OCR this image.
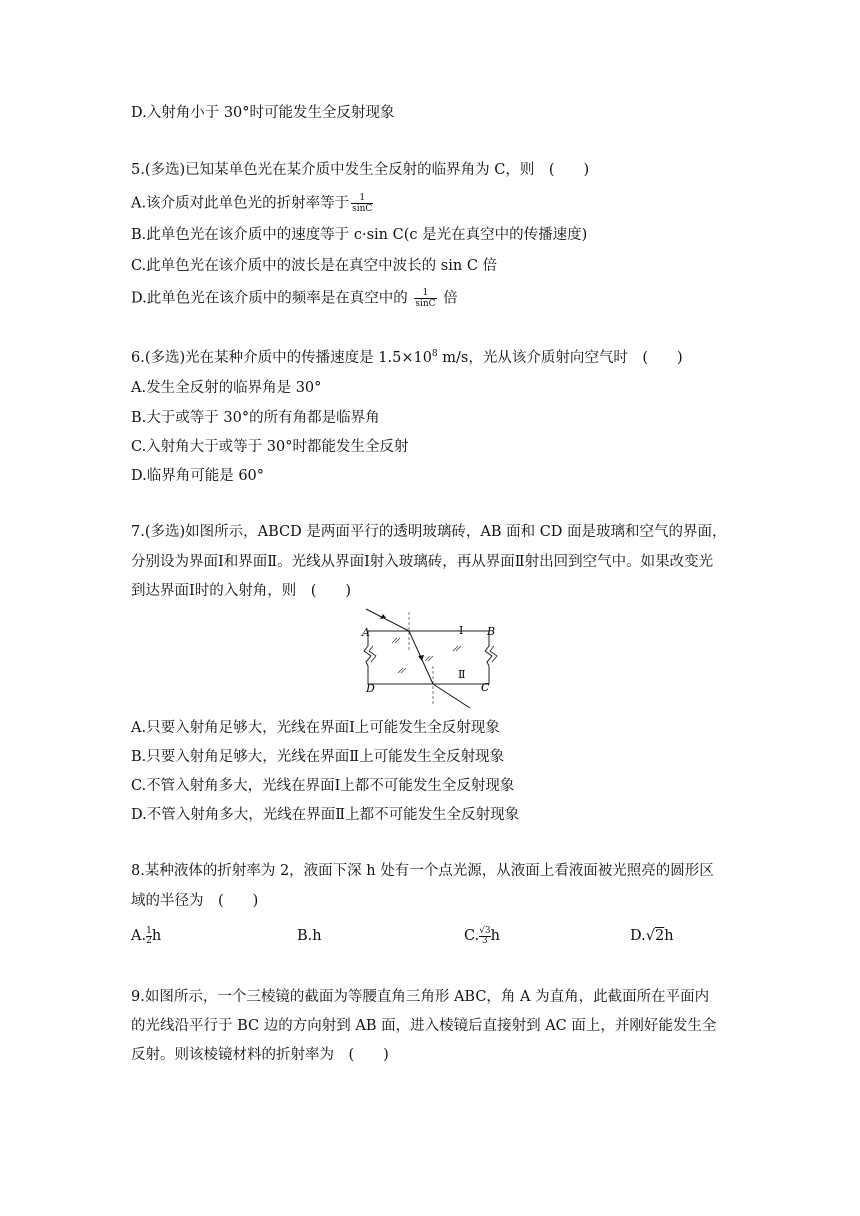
D.入射角小于 30°时可能发生全反射现象
5.(多选)已知某单色光在某介质中发生全反射的临界角为 C，则　(　　)
A.该介质对此单色光的折射率等于 $\frac{1}{\sin C}$
B.此单色光在该介质中的速度等于 c·sin C(c 是光在真空中的传播速度)
C.此单色光在该介质中的波长是在真空中波长的 sin C 倍
D.此单色光在该介质中的频率是在真空中的 $\frac{1}{\sin C}$ 倍
6.(多选)光在某种介质中的传播速度是 $1.5\times 10^8$ m/s，光从该介质射向空气时　(　　)
A.发生全反射的临界角是 30°
B.大于或等于 30°的所有角都是临界角
C.入射角大于或等于 30°时都能发生全反射
D.临界角可能是 60°
7.(多选)如图所示，ABCD 是两面平行的透明玻璃砖，AB 面和 CD 面是玻璃和空气的界面，
分别设为界面Ⅰ和界面Ⅱ。光线从界面Ⅰ射入玻璃砖，再从界面Ⅱ射出回到空气中。如果改变光
到达界面Ⅰ时的入射角，则　(　　)
A	B
C
D
Ⅰ
Ⅱ
A.只要入射角足够大，光线在界面Ⅰ上可能发生全反射现象
B.只要入射角足够大，光线在界面Ⅱ上可能发生全反射现象
C.不管入射角多大，光线在界面Ⅰ上都不可能发生全反射现象
D.不管入射角多大，光线在界面Ⅱ上都不可能发生全反射现象
8.某种液体的折射率为 2，液面下深 h 处有一个点光源，从液面上看液面被光照亮的圆形区
域的半径为　(　　)
A. $\frac{1}{2}$ h	B.h	C. $\frac{√3}{3}$ h	D.√2h
9.如图所示，一个三棱镜的截面为等腰直角三角形 ABC，角 A 为直角，此截面所在平面内
的光线沿平行于 BC 边的方向射到 AB 面，进入棱镜后直接射到 AC 面上，并刚好能发生全
反射。则该棱镜材料的折射率为　(　　)
